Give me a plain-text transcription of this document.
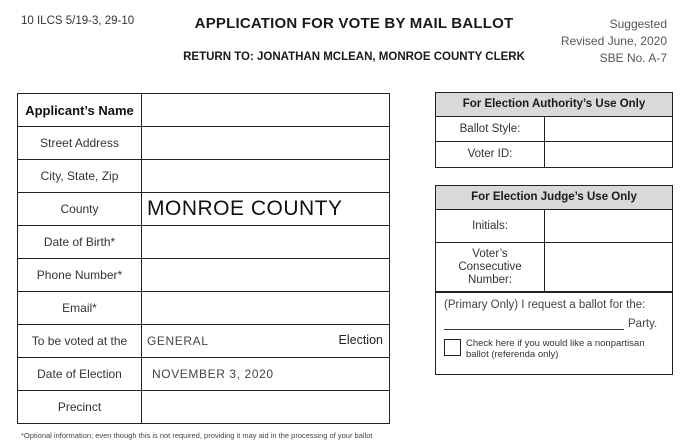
10 ILCS 5/19-3, 29-10	APPLICATION FOR VOTE BY MAIL BALLOT
RETURN TO: JONATHAN MCLEAN, MONROE COUNTY CLERK
Suggested
Revised June, 2020
SBE No. A-7
Applicant’s Name	
Street Address	
City, State, Zip	
County	MONROE COUNTY
Date of Birth*	
Phone Number*	
Email*	
To be voted at the	GENERAL Election

Date of Election	NOVEMBER 3, 2020
Precinct	
For Election Authority’s Use Only
Ballot Style:
Voter ID:
For Election Judge’s Use Only
Initials:
Voter’s Consecutive Number:
(Primary Only) I request a ballot for the:
Party.
Check here if you would like a nonpartisan ballot (referenda only)
*Optional information; even though this is not required, providing it may aid in the processing of your ballot
